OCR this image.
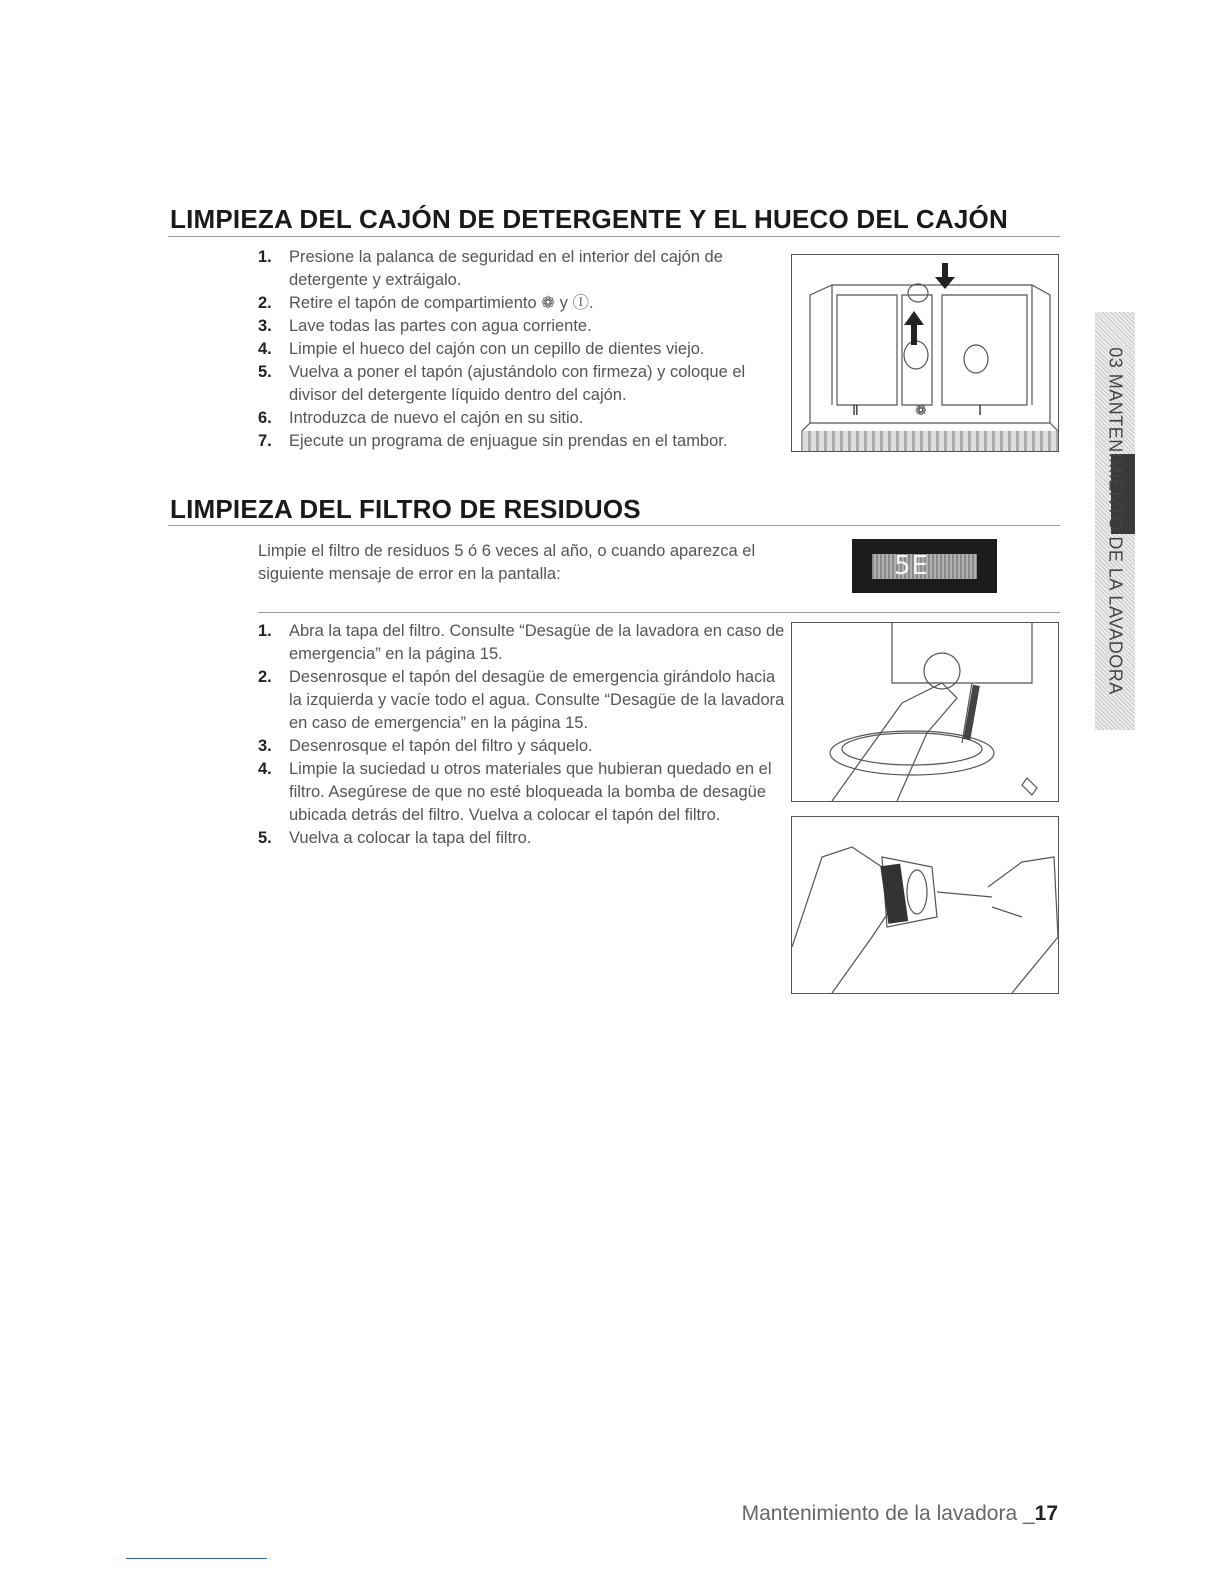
LIMPIEZA DEL CAJÓN DE DETERGENTE Y EL HUECO DEL CAJÓN
1. Presione la palanca de seguridad en el interior del cajón de detergente y extráigalo.
2. Retire el tapón de compartimiento ❁ y Ⓘ.
3. Lave todas las partes con agua corriente.
4. Limpie el hueco del cajón con un cepillo de dientes viejo.
5. Vuelva a poner el tapón (ajustándolo con firmeza) y coloque el divisor del detergente líquido dentro del cajón.
6. Introduzca de nuevo el cajón en su sitio.
7. Ejecute un programa de enjuague sin prendas en el tambor.
Ⅱ	❁	Ⅰ
LIMPIEZA DEL FILTRO DE RESIDUOS

Limpie el filtro de residuos 5 ó 6 veces al año, o cuando aparezca el siguiente mensaje de error en la pantalla:	5E
1. Abra la tapa del filtro. Consulte “Desagüe de la lavadora en caso de emergencia” en la página 15.
2. Desenrosque el tapón del desagüe de emergencia girándolo hacia la izquierda y vacíe todo el agua. Consulte “Desagüe de la lavadora en caso de emergencia” en la página 15.
3. Desenrosque el tapón del filtro y sáquelo.
4. Limpie la suciedad u otros materiales que hubieran quedado en el filtro. Asegúrese de que no esté bloqueada la bomba de desagüe ubicada detrás del filtro. Vuelva a colocar el tapón del filtro.
5. Vuelva a colocar la tapa del filtro.
03 MANTENIMIENTO DE LA LAVADORA
Mantenimiento de la lavadora _17
